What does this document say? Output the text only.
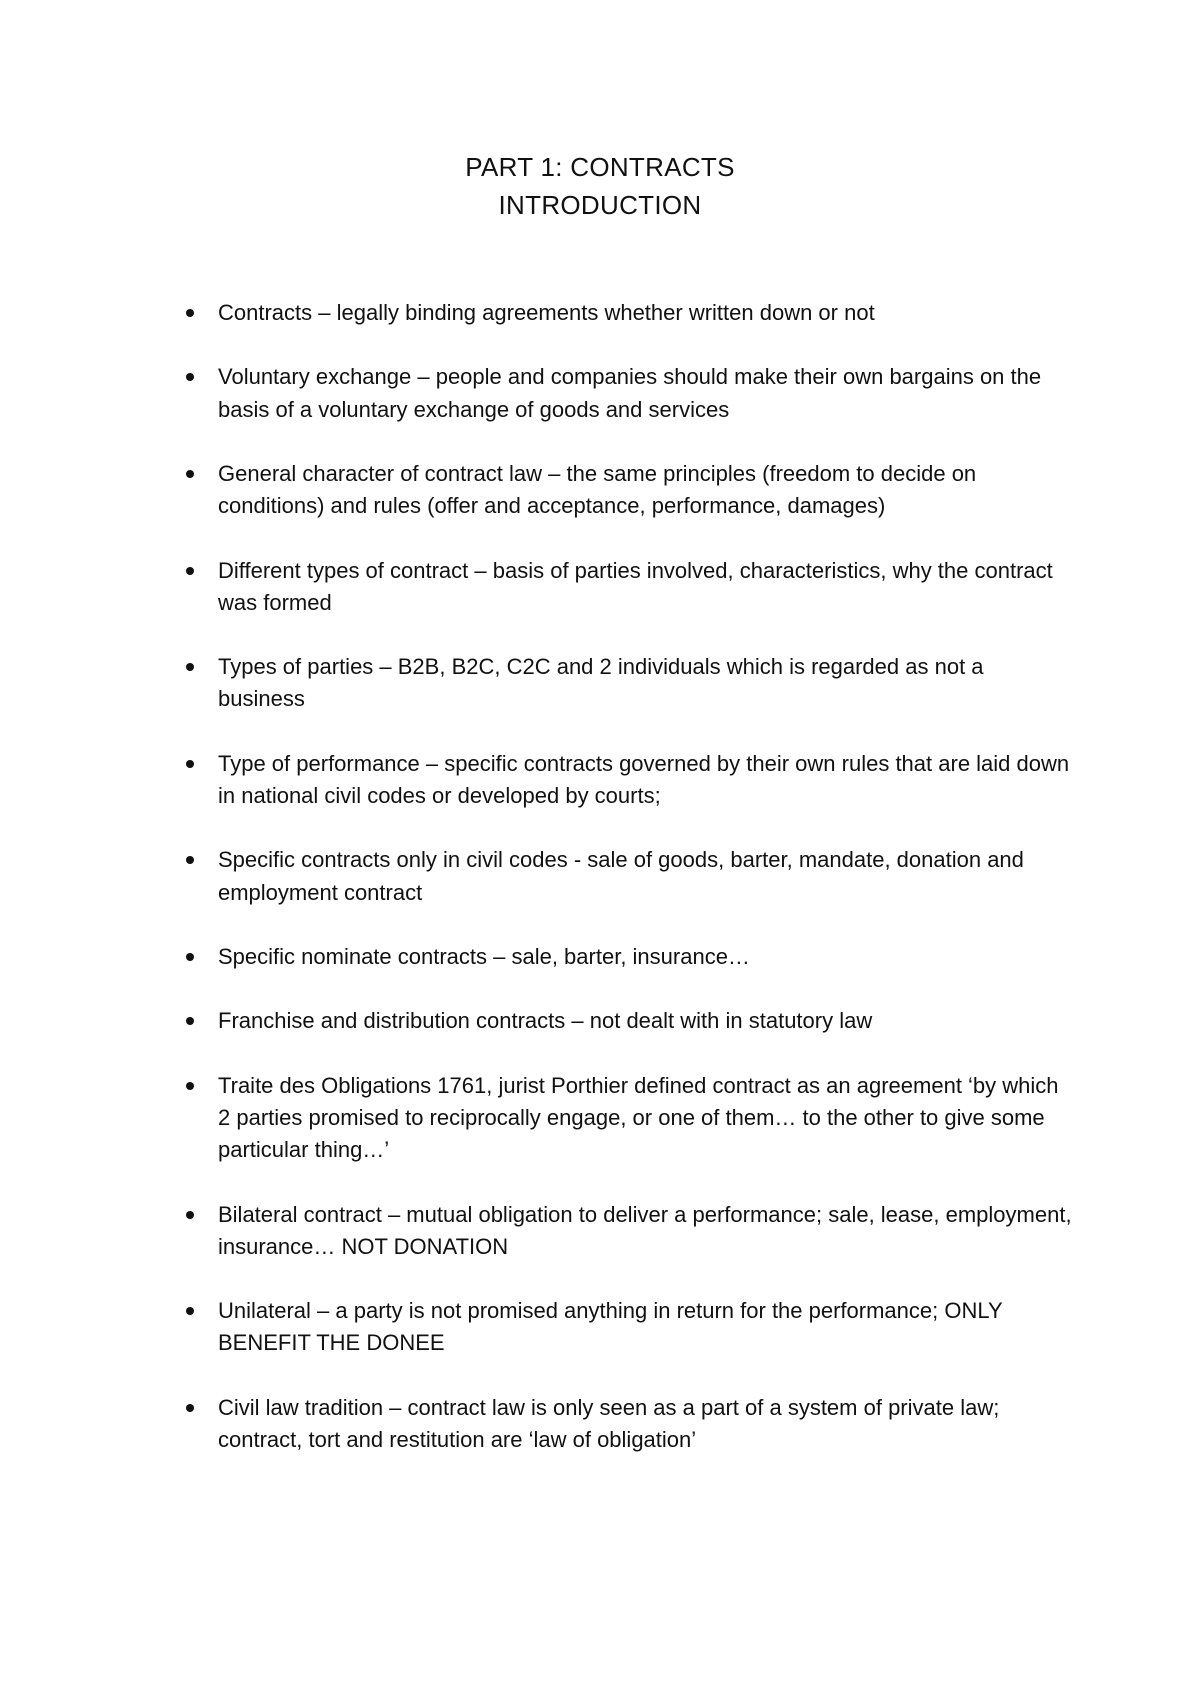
PART 1: CONTRACTS
INTRODUCTION
Contracts – legally binding agreements whether written down or not
Voluntary exchange – people and companies should make their own bargains on the basis of a voluntary exchange of goods and services
General character of contract law – the same principles (freedom to decide on conditions) and rules (offer and acceptance, performance, damages)
Different types of contract – basis of parties involved, characteristics, why the contract was formed
Types of parties – B2B, B2C, C2C and 2 individuals which is regarded as not a business
Type of performance – specific contracts governed by their own rules that are laid down in national civil codes or developed by courts;
Specific contracts only in civil codes - sale of goods, barter, mandate, donation and employment contract
Specific nominate contracts – sale, barter, insurance…
Franchise and distribution contracts – not dealt with in statutory law
Traite des Obligations 1761, jurist Porthier defined contract as an agreement ‘by which 2 parties promised to reciprocally engage, or one of them… to the other to give some particular thing…’
Bilateral contract – mutual obligation to deliver a performance; sale, lease, employment, insurance… NOT DONATION
Unilateral – a party is not promised anything in return for the performance; ONLY BENEFIT THE DONEE
Civil law tradition – contract law is only seen as a part of a system of private law; contract, tort and restitution are ‘law of obligation’
